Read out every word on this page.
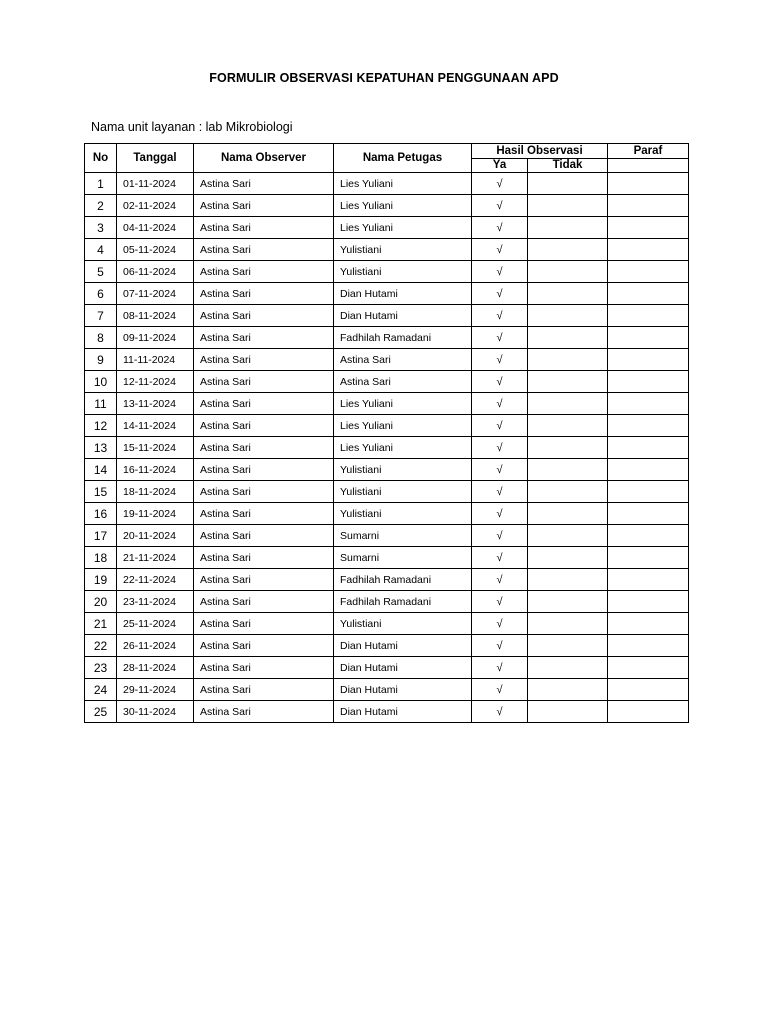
FORMULIR OBSERVASI KEPATUHAN PENGGUNAAN APD
Nama unit layanan : lab Mikrobiologi
No	Tanggal	Nama Observer	Nama Petugas	Hasil Observasi		Paraf
				Ya	Tidak	
1	01-11-2024	Astina Sari	Lies Yuliani	√		
2	02-11-2024	Astina Sari	Lies Yuliani	√		
3	04-11-2024	Astina Sari	Lies Yuliani	√		
4	05-11-2024	Astina Sari	Yulistiani	√		
5	06-11-2024	Astina Sari	Yulistiani	√		
6	07-11-2024	Astina Sari	Dian Hutami	√		
7	08-11-2024	Astina Sari	Dian Hutami	√		
8	09-11-2024	Astina Sari	Fadhilah Ramadani	√		
9	11-11-2024	Astina Sari	Astina Sari	√		
10	12-11-2024	Astina Sari	Astina Sari	√		
11	13-11-2024	Astina Sari	Lies Yuliani	√		
12	14-11-2024	Astina Sari	Lies Yuliani	√		
13	15-11-2024	Astina Sari	Lies Yuliani	√		
14	16-11-2024	Astina Sari	Yulistiani	√		
15	18-11-2024	Astina Sari	Yulistiani	√		
16	19-11-2024	Astina Sari	Yulistiani	√		
17	20-11-2024	Astina Sari	Sumarni	√		
18	21-11-2024	Astina Sari	Sumarni	√		
19	22-11-2024	Astina Sari	Fadhilah Ramadani	√		
20	23-11-2024	Astina Sari	Fadhilah Ramadani	√		
21	25-11-2024	Astina Sari	Yulistiani	√		
22	26-11-2024	Astina Sari	Dian Hutami	√		
23	28-11-2024	Astina Sari	Dian Hutami	√		
24	29-11-2024	Astina Sari	Dian Hutami	√		
25	30-11-2024	Astina Sari	Dian Hutami	√		
